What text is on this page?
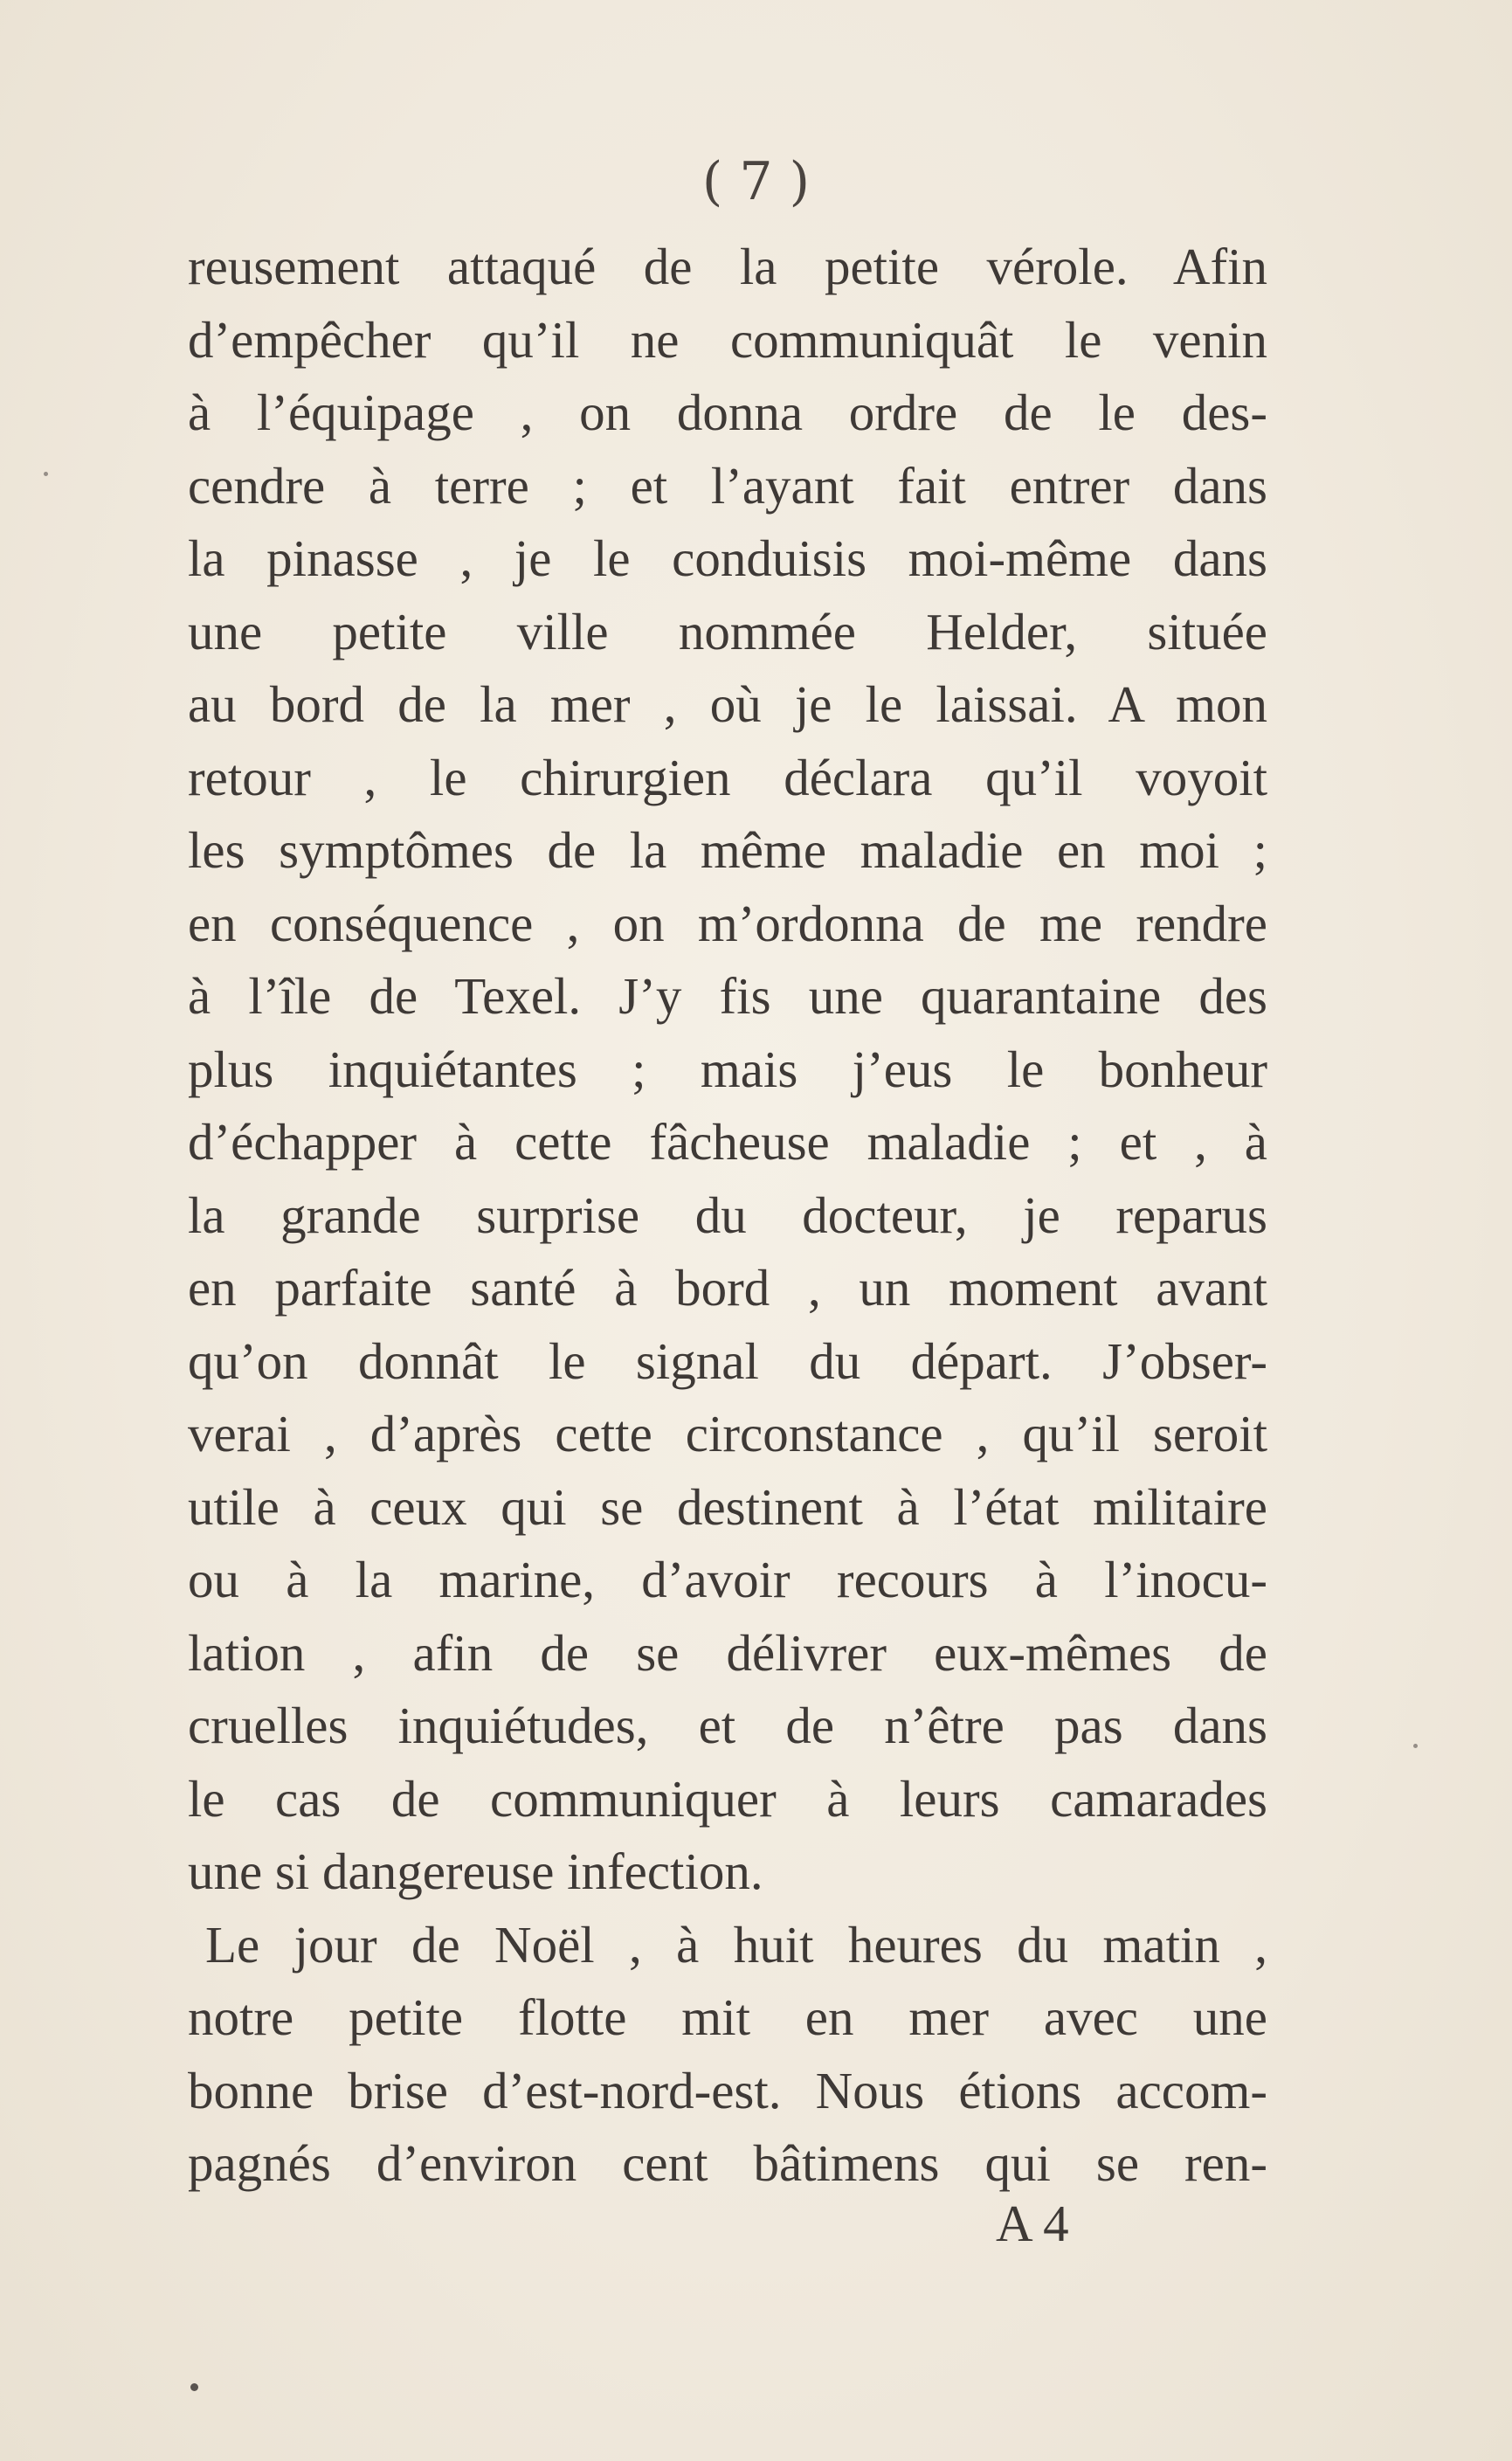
( 7 )
reusement attaqué de la petite vérole. Afin
d’empêcher qu’il ne communiquât le venin
à l’équipage , on donna ordre de le des-
cendre à terre ; et l’ayant fait entrer dans
la pinasse , je le conduisis moi-même dans
une petite ville nommée Helder, située
au bord de la mer , où je le laissai. A mon
retour , le chirurgien déclara qu’il voyoit
les symptômes de la même maladie en moi ;
en conséquence , on m’ordonna de me rendre
à l’île de Texel. J’y fis une quarantaine des
plus inquiétantes ; mais j’eus le bonheur
d’échapper à cette fâcheuse maladie ; et , à
la grande surprise du docteur, je reparus
en parfaite santé à bord , un moment avant
qu’on donnât le signal du départ. J’obser-
verai , d’après cette circonstance , qu’il seroit
utile à ceux qui se destinent à l’état militaire
ou à la marine, d’avoir recours à l’inocu-
lation , afin de se délivrer eux-mêmes de
cruelles inquiétudes, et de n’être pas dans
le cas de communiquer à leurs camarades
une si dangereuse infection.
Le jour de Noël , à huit heures du matin ,
notre petite flotte mit en mer avec une
bonne brise d’est-nord-est. Nous étions accom-
pagnés d’environ cent bâtimens qui se ren-
A 4
